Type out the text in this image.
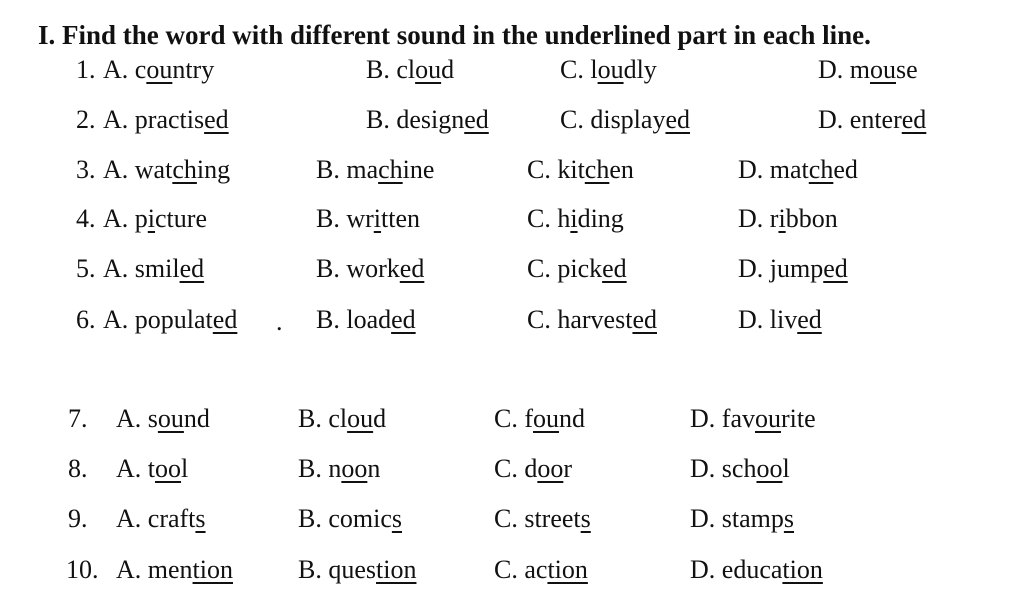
I. Find the word with different sound in the underlined part in each line.
1. A. country	B. cloud	C. loudly	D. mouse
2. A. practised	B. designed	C. displayed	D. entered
3. A. watching	B. machine	C. kitchen	D. matched
4. A. picture	B. written	C. hiding	D. ribbon
5. A. smiled	B. worked	C. picked	D. jumped
6. A. populated	B. loaded	C. harvested	D. lived
7. A. sound	B. cloud	C. found	D. favourite
8. A. tool	B. noon	C. door	D. school
9. A. crafts	B. comics	C. streets	D. stamps
10. A. mention	B. question	C. action	D. education
.
